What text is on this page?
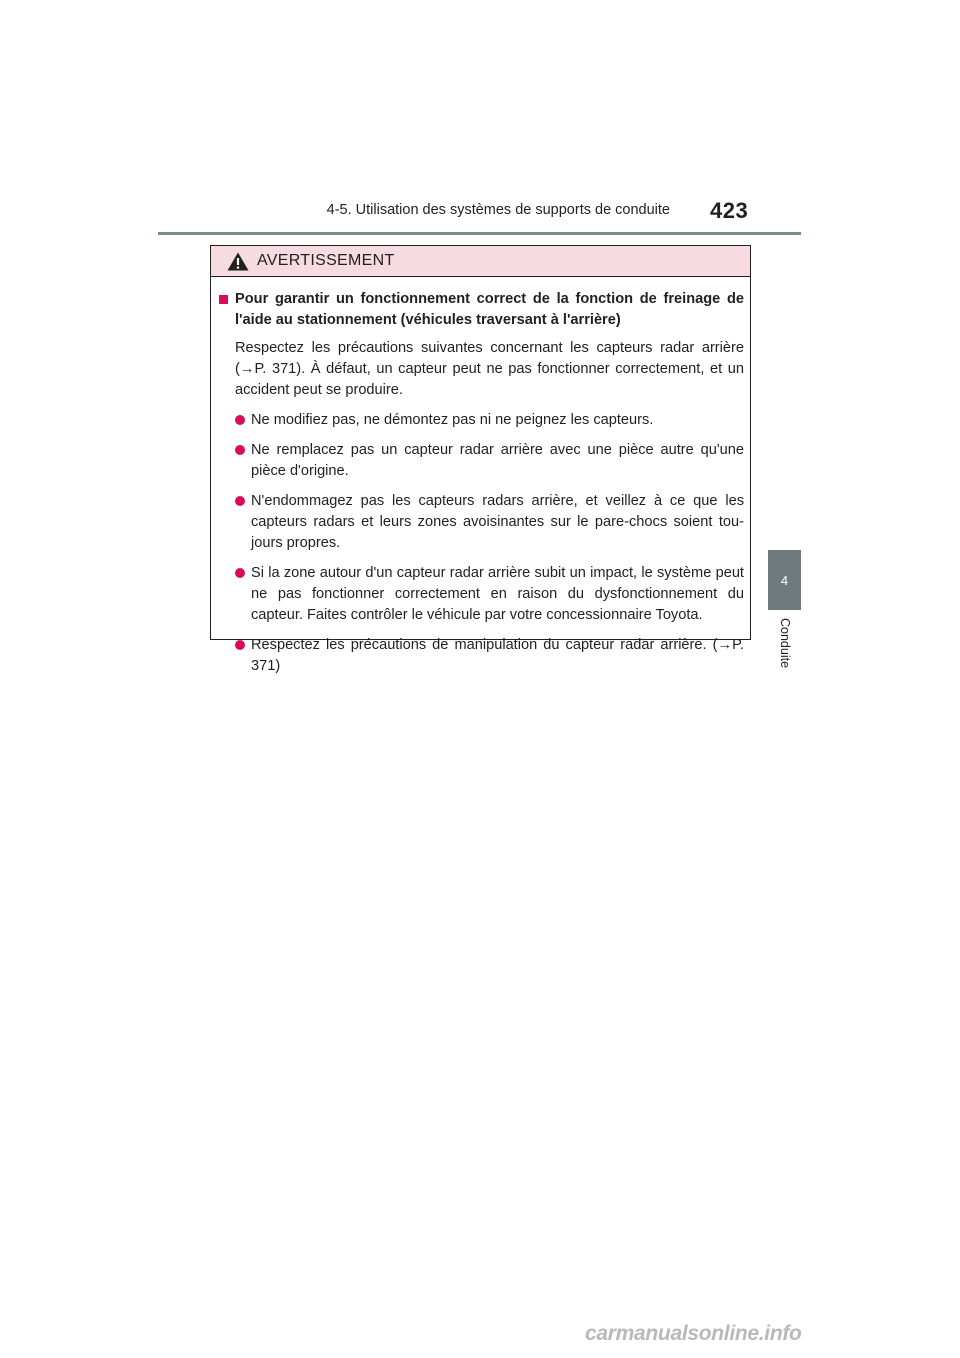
4-5. Utilisation des systèmes de supports de conduite 423
4
Conduite
AVERTISSEMENT
Pour garantir un fonctionnement correct de la fonction de freinage de l'aide au stationnement (véhicules traversant à l'arrière)
Respectez les précautions suivantes concernant les capteurs radar arrière (→P. 371). À défaut, un capteur peut ne pas fonctionner correctement, et un accident peut se produire.
Ne modifiez pas, ne démontez pas ni ne peignez les capteurs.
Ne remplacez pas un capteur radar arrière avec une pièce autre qu'une pièce d'origine.
N'endommagez pas les capteurs radars arrière, et veillez à ce que les capteurs radars et leurs zones avoisinantes sur le pare-chocs soient tou-jours propres.
Si la zone autour d'un capteur radar arrière subit un impact, le système peut ne pas fonctionner correctement en raison du dysfonctionnement du capteur. Faites contrôler le véhicule par votre concessionnaire Toyota.
Respectez les précautions de manipulation du capteur radar arrière. (→P. 371)
carmanualsonline.info
